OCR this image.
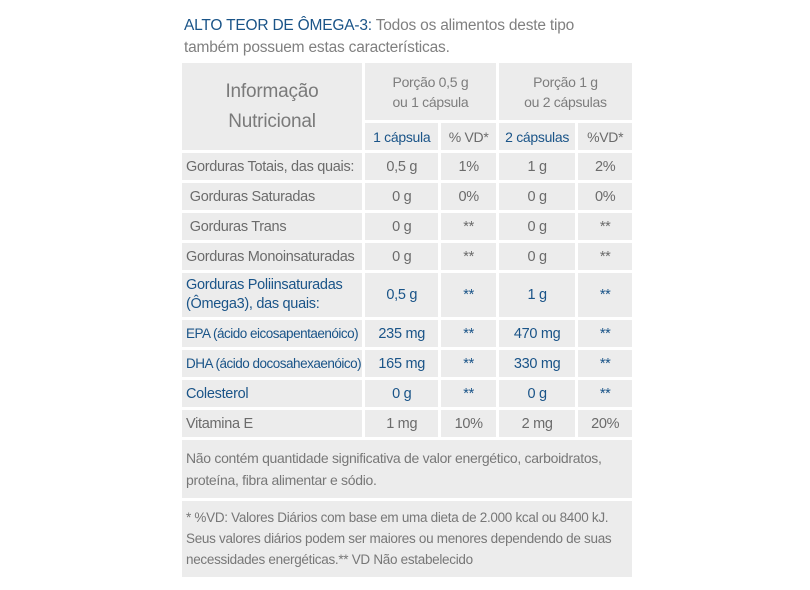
ALTO TEOR DE ÔMEGA-3: Todos os alimentos deste tipo
também possuem estas características.
Informação
Nutricional	Porção 0,5 g
ou 1 cápsula		Porção 1 g
ou 2 cápsulas	
	1 cápsula	% VD*	2 cápsulas	%VD*
Gorduras Totais, das quais:	0,5 g	1%	1 g	2%
Gorduras Saturadas	0 g	0%	0 g	0%
Gorduras Trans	0 g	**	0 g	**
Gorduras Monoinsaturadas	0 g	**	0 g	**
Gorduras Poliinsaturadas
(Ômega3), das quais:	0,5 g	**	1 g	**
EPA (ácido eicosapentaenóico)	235 mg	**	470 mg	**
DHA (ácido docosahexaenóico)	165 mg	**	330 mg	**
Colesterol	0 g	**	0 g	**
Vitamina E	1 mg	10%	2 mg	20%
Não contém quantidade significativa de valor energético, carboidratos,
proteína, fibra alimentar e sódio.				
* %VD: Valores Diários com base em uma dieta de 2.000 kcal ou 8400 kJ.
Seus valores diários podem ser maiores ou menores dependendo de suas
necessidades energéticas.** VD Não estabelecido				
